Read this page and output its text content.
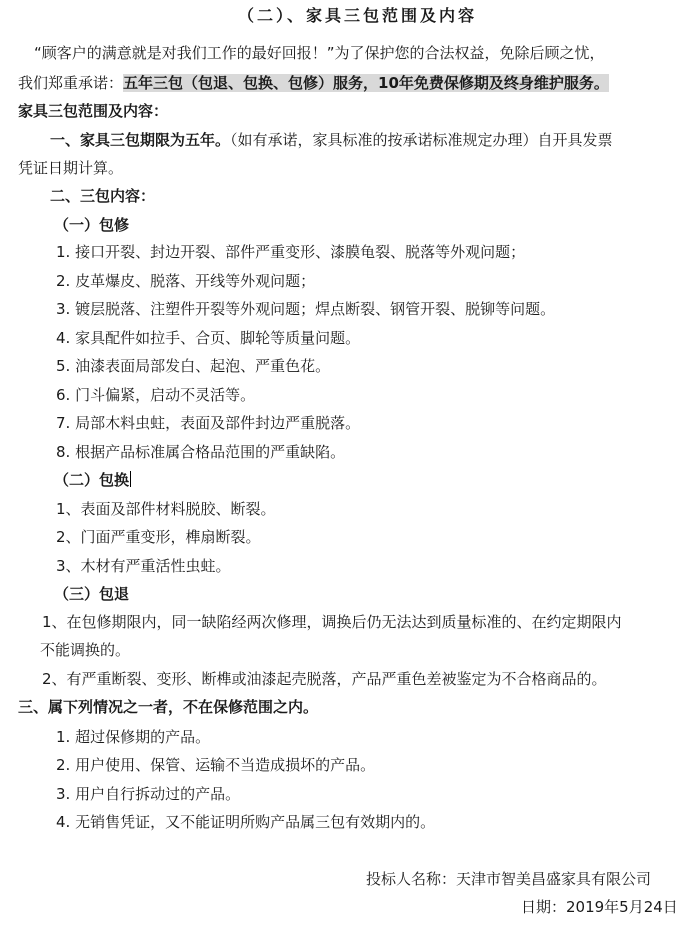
（二）、家具三包范围及内容
“顾客户的满意就是对我们工作的最好回报！”为了保护您的合法权益，免除后顾之忧，
我们郑重承诺：五年三包（包退、包换、包修）服务，10年免费保修期及终身维护服务。
家具三包范围及内容：
一、家具三包期限为五年。（如有承诺，家具标准的按承诺标准规定办理）自开具发票
凭证日期计算。
二、三包内容：
（一）包修
1. 接口开裂、封边开裂、部件严重变形、漆膜龟裂、脱落等外观问题；
2. 皮革爆皮、脱落、开线等外观问题；
3. 镀层脱落、注塑件开裂等外观问题；焊点断裂、钢管开裂、脱铆等问题。
4. 家具配件如拉手、合页、脚轮等质量问题。
5. 油漆表面局部发白、起泡、严重色花。
6. 门斗偏紧，启动不灵活等。
7. 局部木料虫蛀，表面及部件封边严重脱落。
8. 根据产品标准属合格品范围的严重缺陷。
（二）包换
1、表面及部件材料脱胶、断裂。
2、门面严重变形，榫扇断裂。
3、木材有严重活性虫蛀。
（三）包退
1、在包修期限内，同一缺陷经两次修理，调换后仍无法达到质量标准的、在约定期限内
不能调换的。
2、有严重断裂、变形、断榫或油漆起壳脱落，产品严重色差被鉴定为不合格商品的。
三、属下列情况之一者，不在保修范围之内。
1. 超过保修期的产品。
2. 用户使用、保管、运输不当造成损坏的产品。
3. 用户自行拆动过的产品。
4. 无销售凭证，又不能证明所购产品属三包有效期内的。
投标人名称：天津市智美昌盛家具有限公司
日期：2019年5月24日
